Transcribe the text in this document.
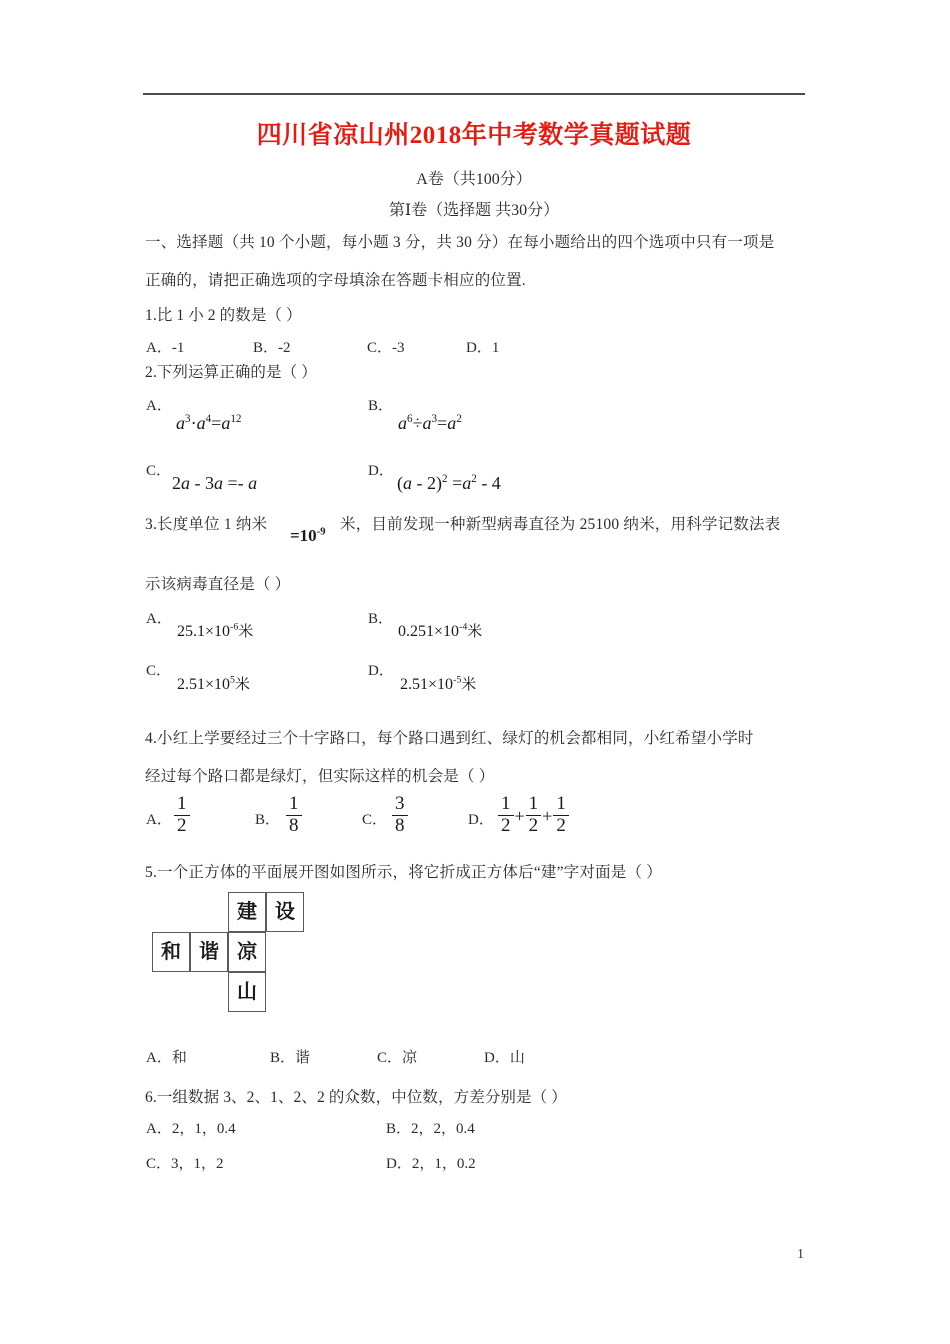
四川省凉山州2018年中考数学真题试题
A卷（共100分）
第Ⅰ卷（选择题 共30分）
一、选择题（共 10 个小题，每小题 3 分，共 30 分）在每小题给出的四个选项中只有一项是
正确的，请把正确选项的字母填涂在答题卡相应的位置.
1.比 1 小 2 的数是（ ）
A．-1	B．-2	C．-3	D．1
2.下列运算正确的是（ ）
A．
$a^3\cdot a^4=a^{12}$
B．
$a^6\div a^3=a^2$
C．
2a - 3a =- a
D．
$(a - 2)^2 =a^2 - 4$
3.长度单位 1 纳米
$=10^{-9}$ 米，目前发现一种新型病毒直径为 25100 纳米，用科学记数法表
示该病毒直径是（ ）
A．
$25.1\times 10^{-6}$米
B．
$0.251\times 10^{-4}$米
C．
$2.51\times 10^5$米
D．
$2.51\times 10^{-5}$米
4.小红上学要经过三个十字路口，每个路口遇到红、绿灯的机会都相同，小红希望小学时
经过每个路口都是绿灯，但实际这样的机会是（ ）
A． $\frac{1}{2}$	B． $\frac{1}{8}$	C． $\frac{3}{8}$	D． $\frac{1}{2} + \frac{1}{2} + \frac{1}{2}$
5.一个正方体的平面展开图如图所示，将它折成正方体后“建”字对面是（ ）
建 设
和 谐 凉
山
A．和	B．谐	C．凉	D．山
6.一组数据 3、2、1、2、2 的众数，中位数，方差分别是（ ）
A．2，1，0.4	B．2，2，0.4
C．3，1，2	D．2，1，0.2
1
